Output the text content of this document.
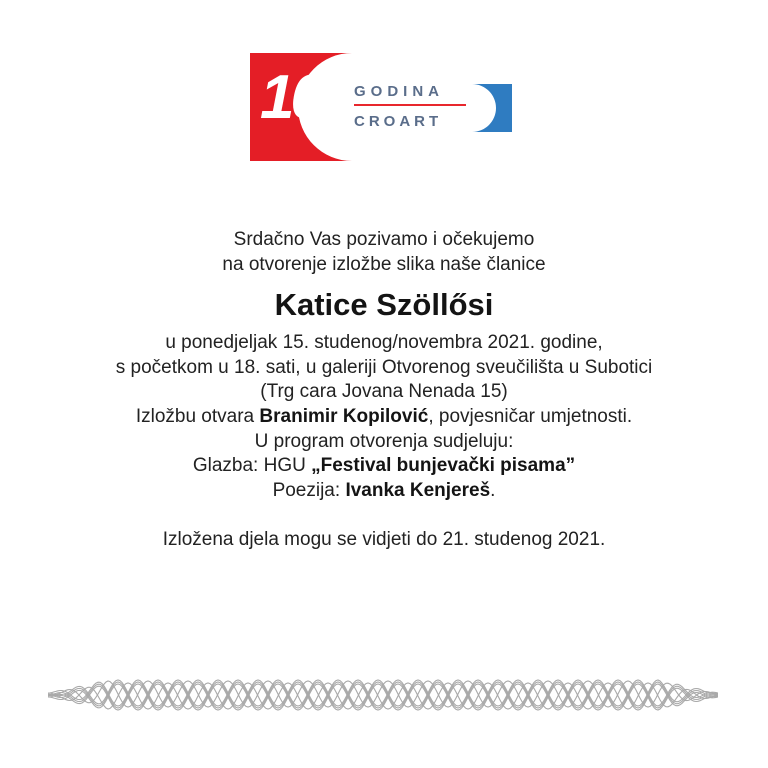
10. GODINA
CROART

Srdačno Vas pozivamo i očekujemo

na otvorenje izložbe slika naše članice

Katice Szöllősi

u ponedjeljak 15. studenog/novembra 2021. godine,

s početkom u 18. sati, u galeriji Otvorenog sveučilišta u Subotici

(Trg cara Jovana Nenada 15)

Izložbu otvara Branimir Kopilović, povjesničar umjetnosti.

U program otvorenja sudjeluju:

Glazba: HGU „Festival bunjevački pisama”

Poezija: Ivanka Kenjereš.

Izložena djela mogu se vidjeti do 21. studenog 2021.
